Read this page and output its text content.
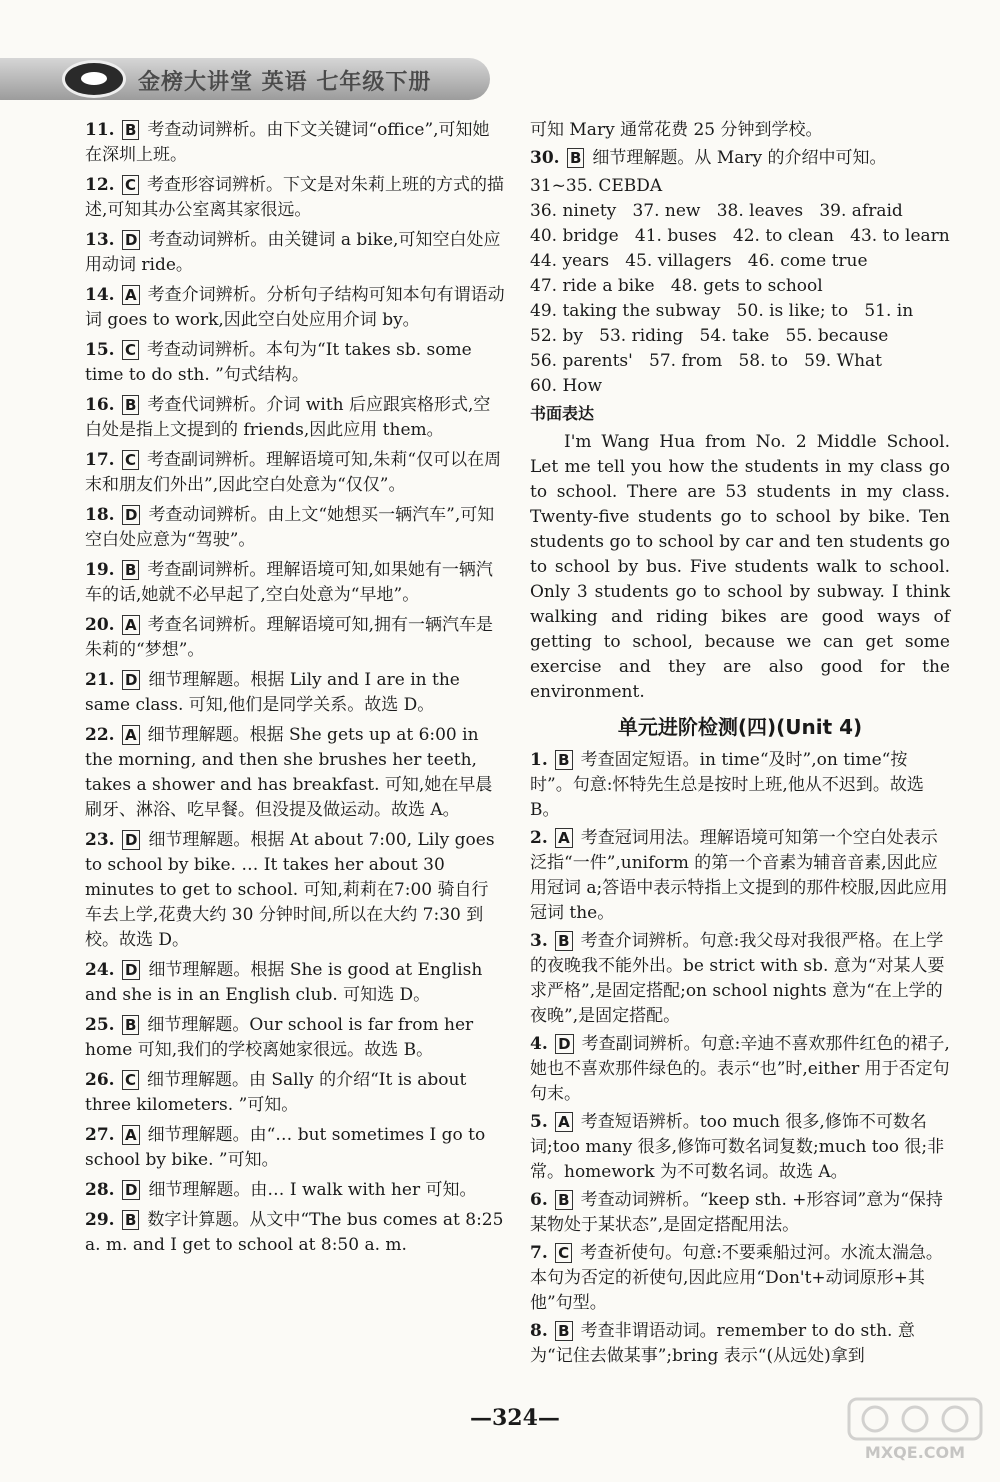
金榜大讲堂 英语 七年级下册
11. B 考查动词辨析。由下文关键词“office”,可知她在深圳上班。
12. C 考查形容词辨析。下文是对朱莉上班的方式的描述,可知其办公室离其家很远。
13. D 考查动词辨析。由关键词 a bike,可知空白处应用动词 ride。
14. A 考查介词辨析。分析句子结构可知本句有谓语动词 goes to work,因此空白处应用介词 by。
15. C 考查动词辨析。本句为“It takes sb. some time to do sth. ”句式结构。
16. B 考查代词辨析。介词 with 后应跟宾格形式,空白处是指上文提到的 friends,因此应用 them。
17. C 考查副词辨析。理解语境可知,朱莉“仅可以在周末和朋友们外出”,因此空白处意为“仅仅”。
18. D 考查动词辨析。由上文“她想买一辆汽车”,可知空白处应意为“驾驶”。
19. B 考查副词辨析。理解语境可知,如果她有一辆汽车的话,她就不必早起了,空白处意为“早地”。
20. A 考查名词辨析。理解语境可知,拥有一辆汽车是朱莉的“梦想”。
21. D 细节理解题。根据 Lily and I are in the same class. 可知,他们是同学关系。故选 D。
22. A 细节理解题。根据 She gets up at 6:00 in the morning, and then she brushes her teeth, takes a shower and has breakfast. 可知,她在早晨刷牙、淋浴、吃早餐。但没提及做运动。故选 A。
23. D 细节理解题。根据 At about 7:00, Lily goes to school by bike. … It takes her about 30 minutes to get to school. 可知,莉莉在7:00 骑自行车去上学,花费大约 30 分钟时间,所以在大约 7:30 到校。故选 D。
24. D 细节理解题。根据 She is good at English and she is in an English club. 可知选 D。
25. B 细节理解题。Our school is far from her home 可知,我们的学校离她家很远。故选 B。
26. C 细节理解题。由 Sally 的介绍“It is about three kilometers. ”可知。
27. A 细节理解题。由“… but sometimes I go to school by bike. ”可知。
28. D 细节理解题。由… I walk with her 可知。
29. B 数字计算题。从文中“The bus comes at 8:25 a. m. and I get to school at 8:50 a. m.
可知 Mary 通常花费 25 分钟到学校。
30. B 细节理解题。从 Mary 的介绍中可知。
31~35. CEBDA
36. ninety   37. new   38. leaves   39. afraid
40. bridge   41. buses   42. to clean   43. to learn
44. years   45. villagers   46. come true
47. ride a bike   48. gets to school
49. taking the subway   50. is like; to   51. in
52. by   53. riding   54. take   55. because
56. parents'   57. from   58. to   59. What
60. How
书面表达
I'm Wang Hua from No. 2 Middle School. Let me tell you how the students in my class go to school. There are 53 students in my class. Twenty-five students go to school by bike. Ten students go to school by car and ten students go to school by bus. Five students walk to school. Only 3 students go to school by subway. I think walking and riding bikes are good ways of getting to school, because we can get some exercise and they are also good for the environment.
单元进阶检测(四)(Unit 4)
1. B 考查固定短语。in time“及时”,on time“按时”。句意:怀特先生总是按时上班,他从不迟到。故选 B。
2. A 考查冠词用法。理解语境可知第一个空白处表示泛指“一件”,uniform 的第一个音素为辅音音素,因此应用冠词 a;答语中表示特指上文提到的那件校服,因此应用冠词 the。
3. B 考查介词辨析。句意:我父母对我很严格。在上学的夜晚我不能外出。be strict with sb. 意为“对某人要求严格”,是固定搭配;on school nights 意为“在上学的夜晚”,是固定搭配。
4. D 考查副词辨析。句意:辛迪不喜欢那件红色的裙子,她也不喜欢那件绿色的。表示“也”时,either 用于否定句句末。
5. A 考查短语辨析。too much 很多,修饰不可数名词;too many 很多,修饰可数名词复数;much too 很;非常。homework 为不可数名词。故选 A。
6. B 考查动词辨析。“keep sth. +形容词”意为“保持某物处于某状态”,是固定搭配用法。
7. C 考查祈使句。句意:不要乘船过河。水流太湍急。本句为否定的祈使句,因此应用“Don't+动词原形+其他”句型。
8. B 考查非谓语动词。remember to do sth. 意为“记住去做某事”;bring 表示“(从远处)拿到
—324—
MXQE.COM
